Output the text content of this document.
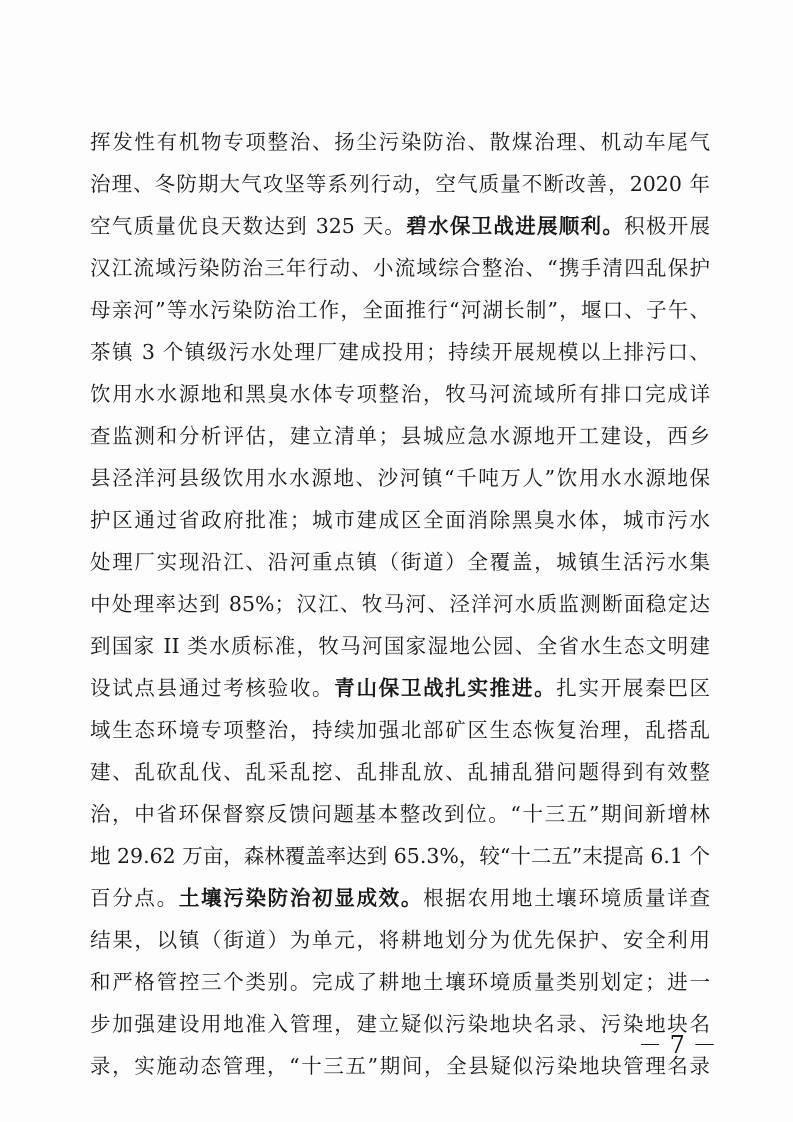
挥发性有机物专项整治、扬尘污染防治、散煤治理、机动车尾气
治理、冬防期大气攻坚等系列行动，空气质量不断改善，2020 年
空气质量优良天数达到 325 天。碧水保卫战进展顺利。积极开展
汉江流域污染防治三年行动、小流域综合整治、“携手清四乱保护
母亲河”等水污染防治工作，全面推行“河湖长制”，堰口、子午、
茶镇 3 个镇级污水处理厂建成投用；持续开展规模以上排污口、
饮用水水源地和黑臭水体专项整治，牧马河流域所有排口完成详
查监测和分析评估，建立清单；县城应急水源地开工建设，西乡
县泾洋河县级饮用水水源地、沙河镇“千吨万人”饮用水水源地保
护区通过省政府批准；城市建成区全面消除黑臭水体，城市污水
处理厂实现沿江、沿河重点镇（街道）全覆盖，城镇生活污水集
中处理率达到 85%；汉江、牧马河、泾洋河水质监测断面稳定达
到国家 II 类水质标准，牧马河国家湿地公园、全省水生态文明建
设试点县通过考核验收。青山保卫战扎实推进。扎实开展秦巴区
域生态环境专项整治，持续加强北部矿区生态恢复治理，乱搭乱
建、乱砍乱伐、乱采乱挖、乱排乱放、乱捕乱猎问题得到有效整
治，中省环保督察反馈问题基本整改到位。“十三五”期间新增林
地 29.62 万亩，森林覆盖率达到 65.3%，较“十二五”末提高 6.1 个
百分点。土壤污染防治初显成效。根据农用地土壤环境质量详查
结果，以镇（街道）为单元，将耕地划分为优先保护、安全利用
和严格管控三个类别。完成了耕地土壤环境质量类别划定；进一
步加强建设用地准入管理，建立疑似污染地块名录、污染地块名
录，实施动态管理，“十三五”期间，全县疑似污染地块管理名录
－ 7 －
